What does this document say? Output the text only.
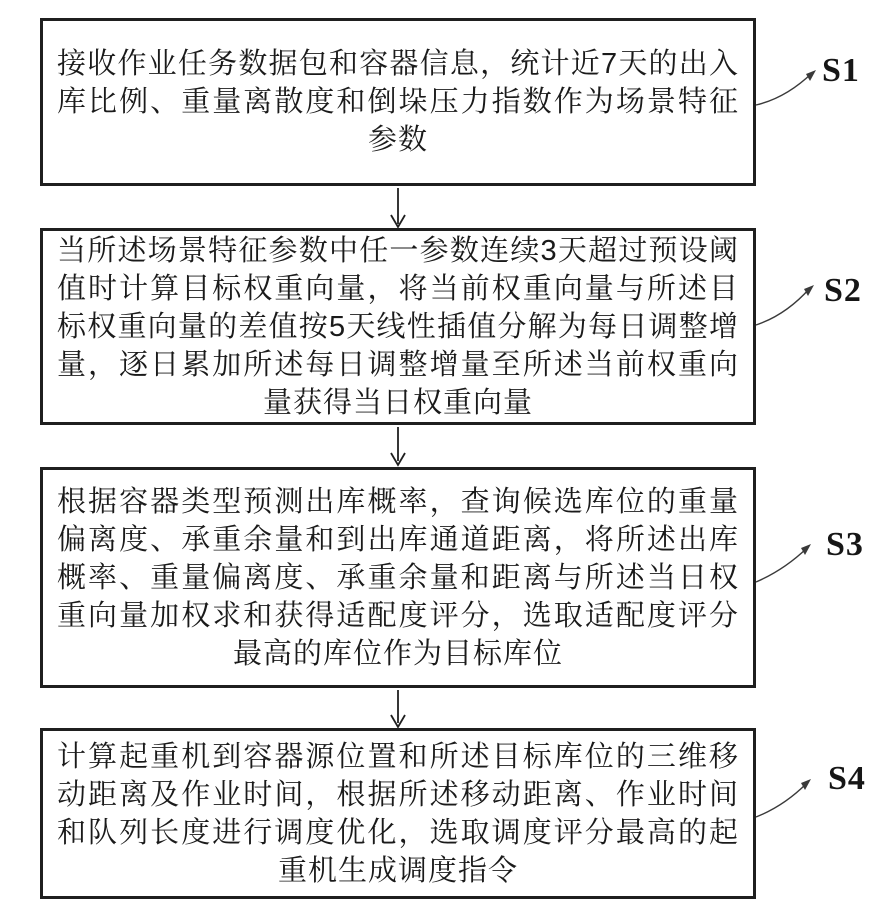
接收作业任务数据包和容器信息，统计近7天的出入库比例、重量离散度和倒垛压力指数作为场景特征参数
当所述场景特征参数中任一参数连续3天超过预设阈值时计算目标权重向量，将当前权重向量与所述目标权重向量的差值按5天线性插值分解为每日调整增量，逐日累加所述每日调整增量至所述当前权重向量获得当日权重向量
根据容器类型预测出库概率，查询候选库位的重量偏离度、承重余量和到出库通道距离，将所述出库概率、重量偏离度、承重余量和距离与所述当日权重向量加权求和获得适配度评分，选取适配度评分最高的库位作为目标库位
计算起重机到容器源位置和所述目标库位的三维移动距离及作业时间，根据所述移动距离、作业时间和队列长度进行调度优化，选取调度评分最高的起重机生成调度指令
S1
S2
S3
S4
